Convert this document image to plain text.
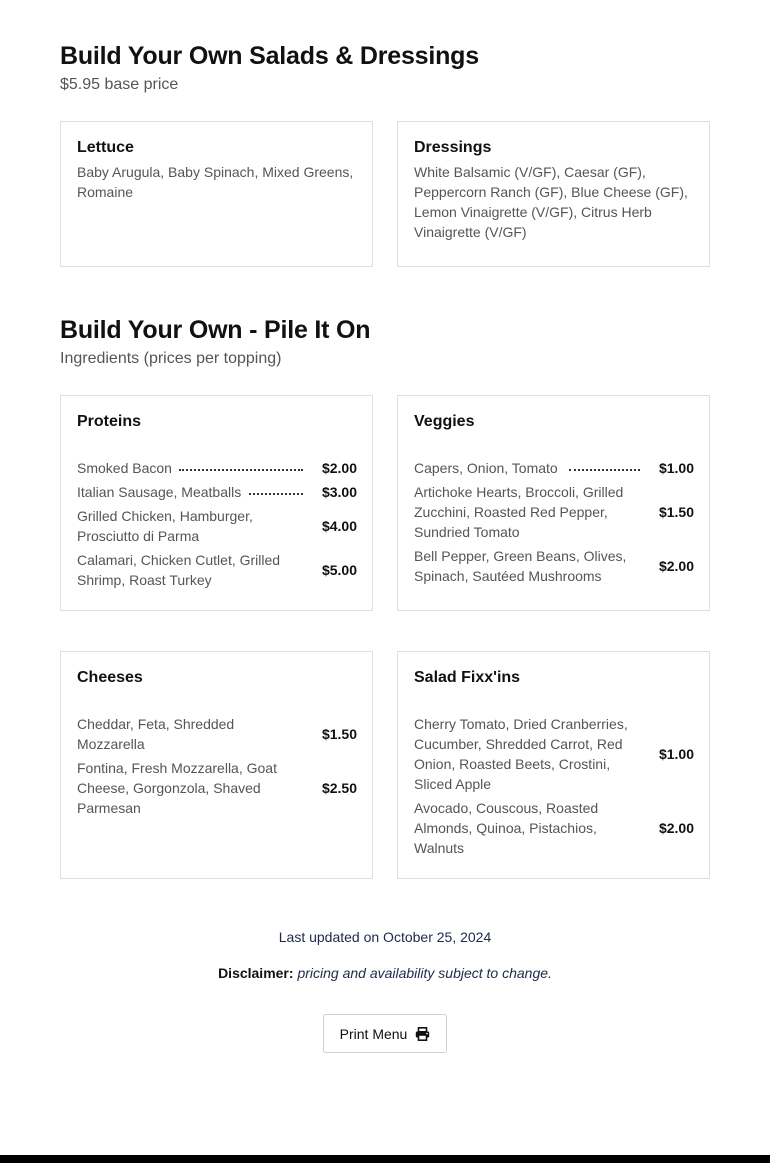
Build Your Own Salads & Dressings
$5.95 base price
Lettuce
Baby Arugula, Baby Spinach, Mixed Greens, Romaine
Dressings
White Balsamic (V/GF), Caesar (GF), Peppercorn Ranch (GF), Blue Cheese (GF), Lemon Vinaigrette (V/GF), Citrus Herb Vinaigrette (V/GF)
Build Your Own - Pile It On
Ingredients (prices per topping)
Proteins
Smoked Bacon	$2.00
Italian Sausage, Meatballs	$3.00
Grilled Chicken, Hamburger, Prosciutto di Parma
$4.00
Calamari, Chicken Cutlet, Grilled Shrimp, Roast Turkey
$5.00
Veggies
Capers, Onion, Tomato	$1.00
Artichoke Hearts, Broccoli, Grilled Zucchini, Roasted Red Pepper, Sundried Tomato
$1.50
Bell Pepper, Green Beans, Olives, Spinach, Sautéed Mushrooms
$2.00
Cheeses
Cheddar, Feta, Shredded Mozzarella
$1.50
Fontina, Fresh Mozzarella, Goat Cheese, Gorgonzola, Shaved Parmesan
$2.50
Salad Fixx'ins
Cherry Tomato, Dried Cranberries, Cucumber, Shredded Carrot, Red Onion, Roasted Beets, Crostini, Sliced Apple
$1.00
Avocado, Couscous, Roasted Almonds, Quinoa, Pistachios, Walnuts
$2.00
Last updated on October 25, 2024
Disclaimer: pricing and availability subject to change.
Print Menu
